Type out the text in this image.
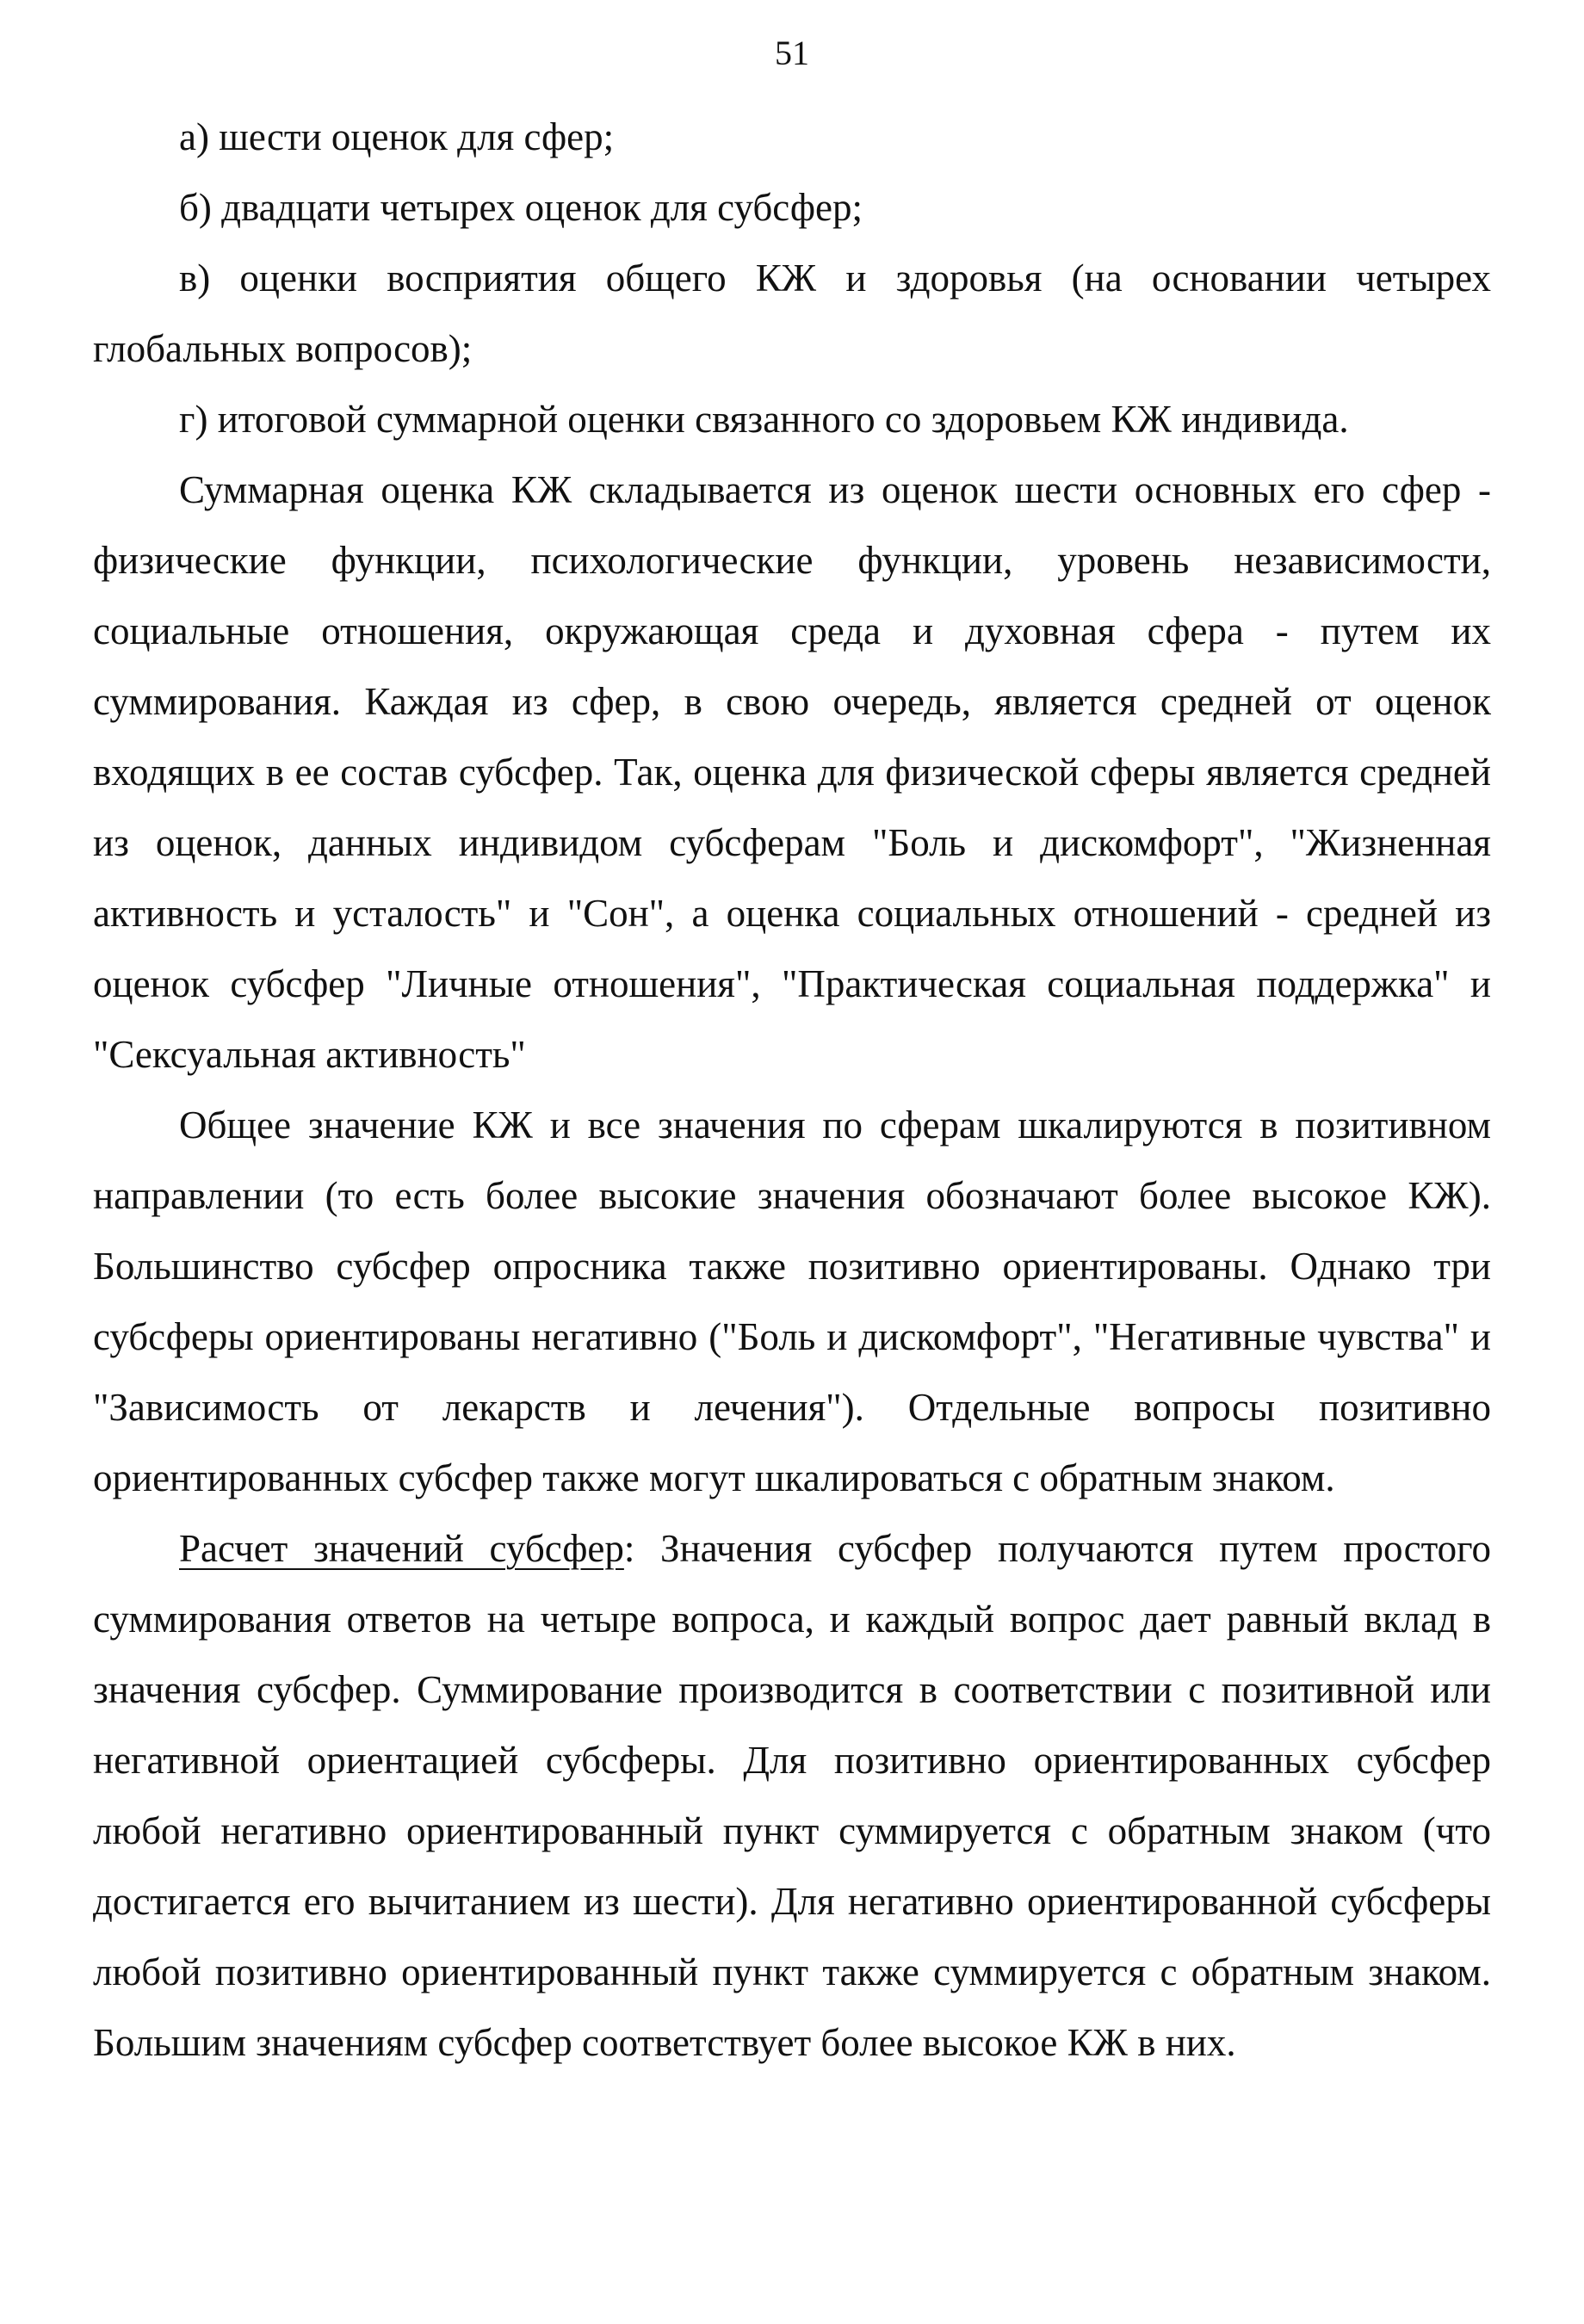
51

а) шести оценок для сфер;

б) двадцати четырех оценок для субсфер;

в) оценки восприятия общего КЖ и здоровья (на основании четырех глобальных вопросов);

г) итоговой суммарной оценки связанного со здоровьем КЖ индивида.

Суммарная оценка КЖ складывается из оценок шести основных его сфер - физические функции, психологические функции, уровень независимости, социальные отношения, окружающая среда и духовная сфера - путем их суммирования. Каждая из сфер, в свою очередь, является средней от оценок входящих в ее состав субсфер. Так, оценка для физической сферы является средней из оценок, данных индивидом субсферам "Боль и дискомфорт", "Жизненная активность и усталость" и "Сон", а оценка социальных отношений - средней из оценок субсфер "Личные отношения", "Практическая социальная поддержка" и "Сексуальная активность"

Общее значение КЖ и все значения по сферам шкалируются в позитивном направлении (то есть более высокие значения обозначают более высокое КЖ). Большинство субсфер опросника также позитивно ориентированы. Однако три субсферы ориентированы негативно ("Боль и дискомфорт", "Негативные чувства" и "Зависимость от лекарств и лечения"). Отдельные вопросы позитивно ориентированных субсфер также могут шкалироваться с обратным знаком.

Расчет значений субсфер: Значения субсфер получаются путем простого суммирования ответов на четыре вопроса, и каждый вопрос дает равный вклад в значения субсфер. Суммирование производится в соответствии с позитивной или негативной ориентацией субсферы. Для позитивно ориентированных субсфер любой негативно ориентированный пункт суммируется с обратным знаком (что достигается его вычитанием из шести). Для негативно ориентированной субсферы любой позитивно ориентированный пункт также суммируется с обратным знаком. Большим значениям субсфер соответствует более высокое КЖ в них.
